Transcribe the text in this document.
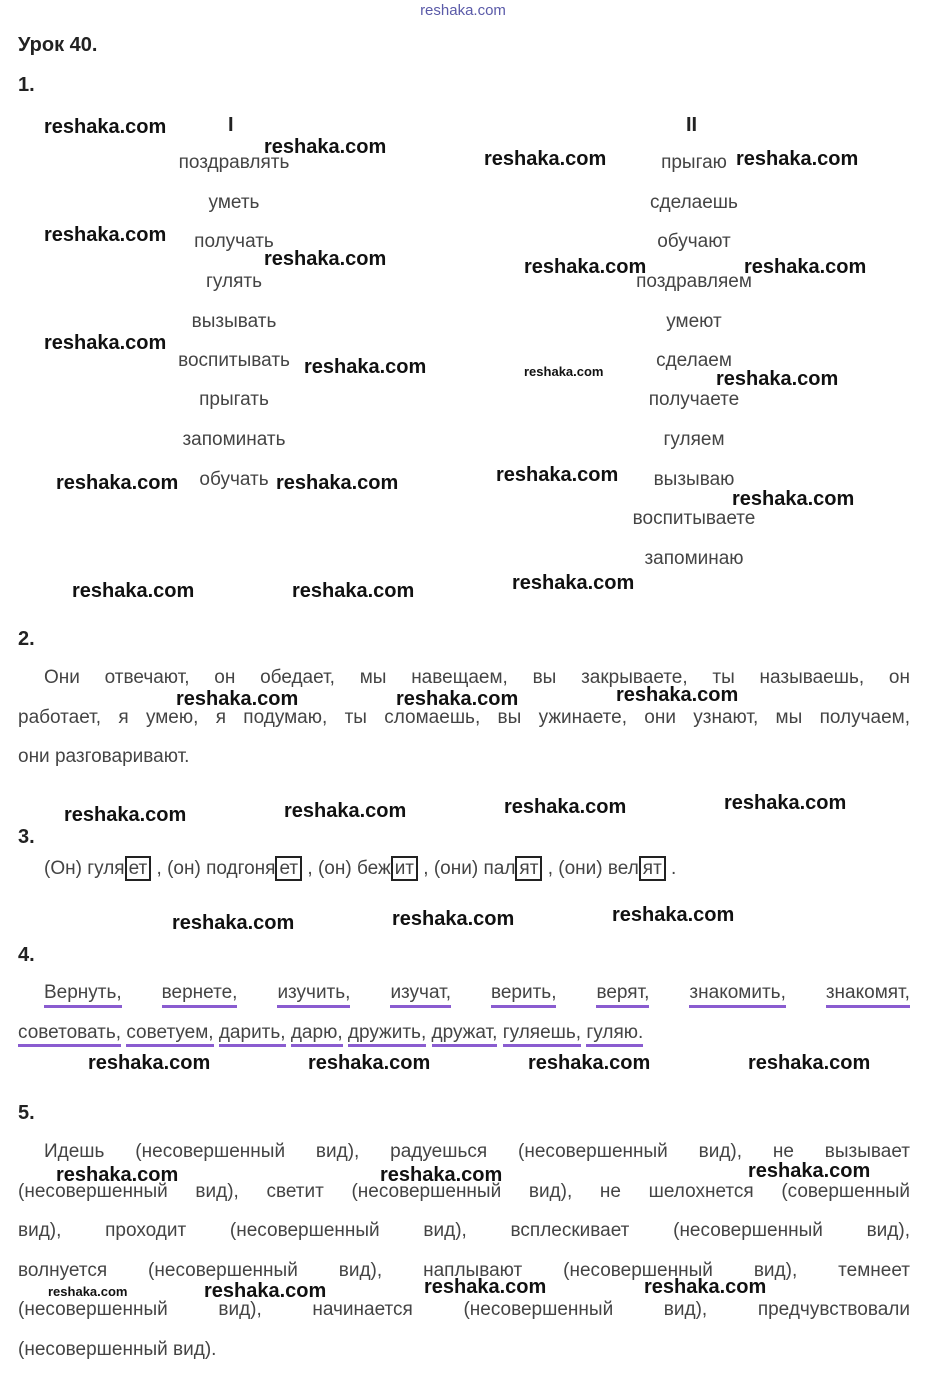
reshaka.com
Урок 40.
1.
I	II
поздравлять
уметь
получать
гулять
вызывать
воспитывать
прыгать
запоминать
обучать
прыгаю
сделаешь
обучают
поздравляем
умеют
сделаем
получаете
гуляем
вызываю
воспитываете
запоминаю
2.
Они отвечают, он обедает, мы навещаем, вы закрываете, ты называешь, он
работает, я умею, я подумаю, ты сломаешь, вы ужинаете, они узнают, мы получаем,
они разговаривают.
3.
(Он) гуля ет , (он) подгоня ет , (он) беж ит , (они) пал ят , (они) вел ят .
4.
Вернуть, вернете, изучить, изучат, верить, верят, знакомить, знакомят,
советовать, советуем, дарить, дарю, дружить, дружат, гуляешь, гуляю.
5.
Идешь (несовершенный вид), радуешься (несовершенный вид), не вызывает
(несовершенный вид), светит (несовершенный вид), не шелохнется (совершенный
вид), проходит (несовершенный вид), всплескивает (несовершенный вид),
волнуется (несовершенный вид), наплывают (несовершенный вид), темнеет
(несовершенный вид), начинается (несовершенный вид), предчувствовали
(несовершенный вид).
reshaka.com
reshaka.com
reshaka.com	reshaka.com
reshaka.com
reshaka.com	reshaka.com	reshaka.com
reshaka.com
reshaka.com	reshaka.com	reshaka.com
reshaka.com	reshaka.com	reshaka.com
reshaka.com
reshaka.com	reshaka.com	reshaka.com
reshaka.com	reshaka.com	reshaka.com
reshaka.com	reshaka.com	reshaka.com	reshaka.com
reshaka.com	reshaka.com	reshaka.com
reshaka.com	reshaka.com	reshaka.com	reshaka.com
reshaka.com	reshaka.com	reshaka.com
reshaka.com	reshaka.com	reshaka.com	reshaka.com
